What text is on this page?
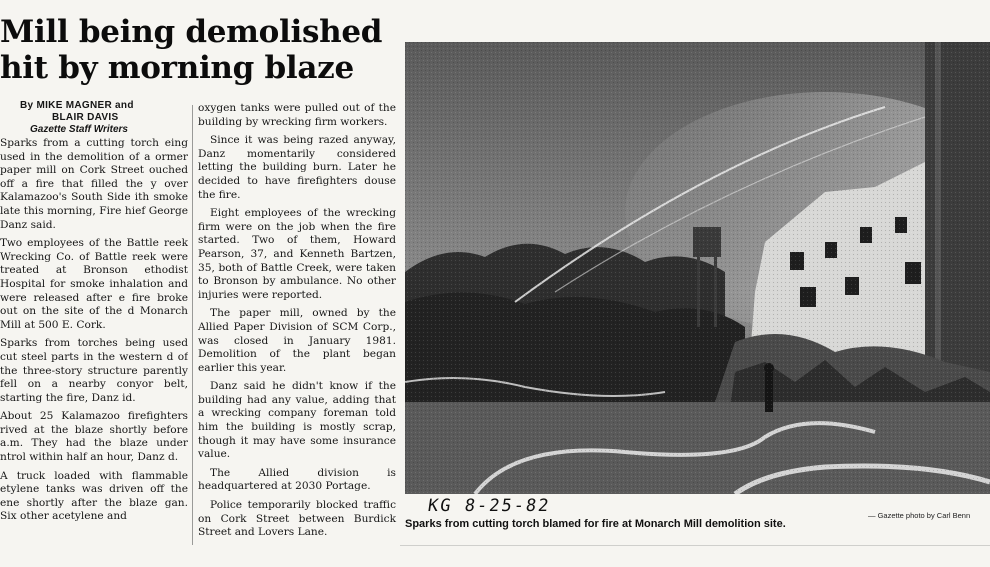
Mill being demolished
hit by morning blaze
By MIKE MAGNER and
BLAIR DAVIS
Gazette Staff Writers

Sparks from a cutting torch eing used in the demolition of a ormer paper mill on Cork Street ouched off a fire that filled the y over Kalamazoo's South Side ith smoke late this morning, Fire hief George Danz said.

Two employees of the Battle reek Wrecking Co. of Battle reek were treated at Bronson ethodist Hospital for smoke inhalation and were released after e fire broke out on the site of the d Monarch Mill at 500 E. Cork.

Sparks from torches being used cut steel parts in the western d of the three-story structure parently fell on a nearby conyor belt, starting the fire, Danz id.

About 25 Kalamazoo firefighters rived at the blaze shortly before a.m. They had the blaze under ntrol within half an hour, Danz d.

A truck loaded with flammable etylene tanks was driven off the ene shortly after the blaze gan. Six other acetylene and

oxygen tanks were pulled out of the building by wrecking firm workers.

Since it was being razed anyway, Danz momentarily considered letting the building burn. Later he decided to have firefighters douse the fire.

Eight employees of the wrecking firm were on the job when the fire started. Two of them, Howard Pearson, 37, and Kenneth Bartzen, 35, both of Battle Creek, were taken to Bronson by ambulance. No other injuries were reported.

The paper mill, owned by the Allied Paper Division of SCM Corp., was closed in January 1981. Demolition of the plant began earlier this year.

Danz said he didn't know if the building had any value, adding that a wrecking company foreman told him the building is mostly scrap, though it may have some insurance value.

The Allied division is headquartered at 2030 Portage.

Police temporarily blocked traffic on Cork Street between Burdick Street and Lovers Lane.

KG 8-25-82	— Gazette photo by Carl Benn
Sparks from cutting torch blamed for fire at Monarch Mill demolition site.
